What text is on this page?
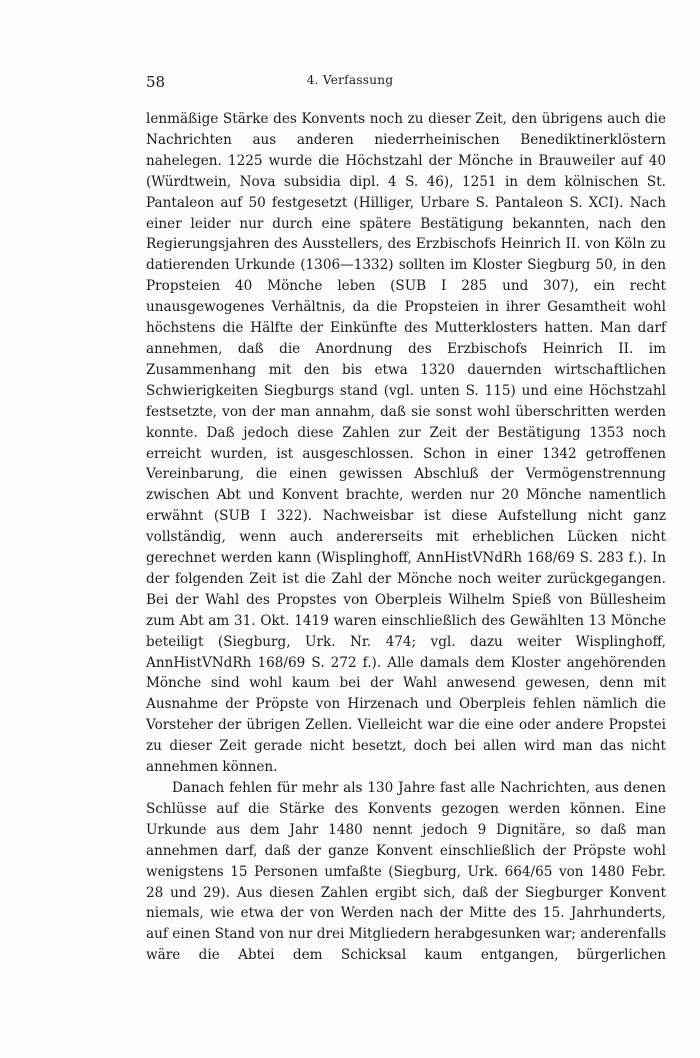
58	4. Verfassung

lenmäßige Stärke des Konvents noch zu dieser Zeit, den übrigens auch die Nachrichten aus anderen niederrheinischen Benediktinerklöstern nahelegen. 1225 wurde die Höchstzahl der Mönche in Brauweiler auf 40 (Würdtwein, Nova subsidia dipl. 4 S. 46), 1251 in dem kölnischen St. Pantaleon auf 50 festgesetzt (Hilliger, Urbare S. Pantaleon S. XCI). Nach einer leider nur durch eine spätere Bestätigung bekannten, nach den Regierungsjahren des Ausstellers, des Erzbischofs Heinrich II. von Köln zu datierenden Urkunde (1306—1332) sollten im Kloster Siegburg 50, in den Propsteien 40 Mönche leben (SUB I 285 und 307), ein recht unausgewogenes Verhältnis, da die Propsteien in ihrer Gesamtheit wohl höchstens die Hälfte der Einkünfte des Mutterklosters hatten. Man darf annehmen, daß die Anordnung des Erzbischofs Heinrich II. im Zusammenhang mit den bis etwa 1320 dauernden wirtschaftlichen Schwierigkeiten Siegburgs stand (vgl. unten S. 115) und eine Höchstzahl festsetzte, von der man annahm, daß sie sonst wohl überschritten werden konnte. Daß jedoch diese Zahlen zur Zeit der Bestätigung 1353 noch erreicht wurden, ist ausgeschlossen. Schon in einer 1342 getroffenen Vereinbarung, die einen gewissen Abschluß der Vermögenstrennung zwischen Abt und Konvent brachte, werden nur 20 Mönche namentlich erwähnt (SUB I 322). Nachweisbar ist diese Aufstellung nicht ganz vollständig, wenn auch andererseits mit erheblichen Lücken nicht gerechnet werden kann (Wisplinghoff, AnnHistVNdRh 168/69 S. 283 f.). In der folgenden Zeit ist die Zahl der Mönche noch weiter zurückgegangen. Bei der Wahl des Propstes von Oberpleis Wilhelm Spieß von Büllesheim zum Abt am 31. Okt. 1419 waren einschließlich des Gewählten 13 Mönche beteiligt (Siegburg, Urk. Nr. 474; vgl. dazu weiter Wisplinghoff, AnnHistVNdRh 168/69 S. 272 f.). Alle damals dem Kloster angehörenden Mönche sind wohl kaum bei der Wahl anwesend gewesen, denn mit Ausnahme der Pröpste von Hirzenach und Oberpleis fehlen nämlich die Vorsteher der übrigen Zellen. Vielleicht war die eine oder andere Propstei zu dieser Zeit gerade nicht besetzt, doch bei allen wird man das nicht annehmen können.

Danach fehlen für mehr als 130 Jahre fast alle Nachrichten, aus denen Schlüsse auf die Stärke des Konvents gezogen werden können. Eine Urkunde aus dem Jahr 1480 nennt jedoch 9 Dignitäre, so daß man annehmen darf, daß der ganze Konvent einschließlich der Pröpste wohl wenigstens 15 Personen umfaßte (Siegburg, Urk. 664/65 von 1480 Febr. 28 und 29). Aus diesen Zahlen ergibt sich, daß der Siegburger Konvent niemals, wie etwa der von Werden nach der Mitte des 15. Jahrhunderts, auf einen Stand von nur drei Mitgliedern herabgesunken war; anderenfalls wäre die Abtei dem Schicksal kaum entgangen, bürgerlichen
